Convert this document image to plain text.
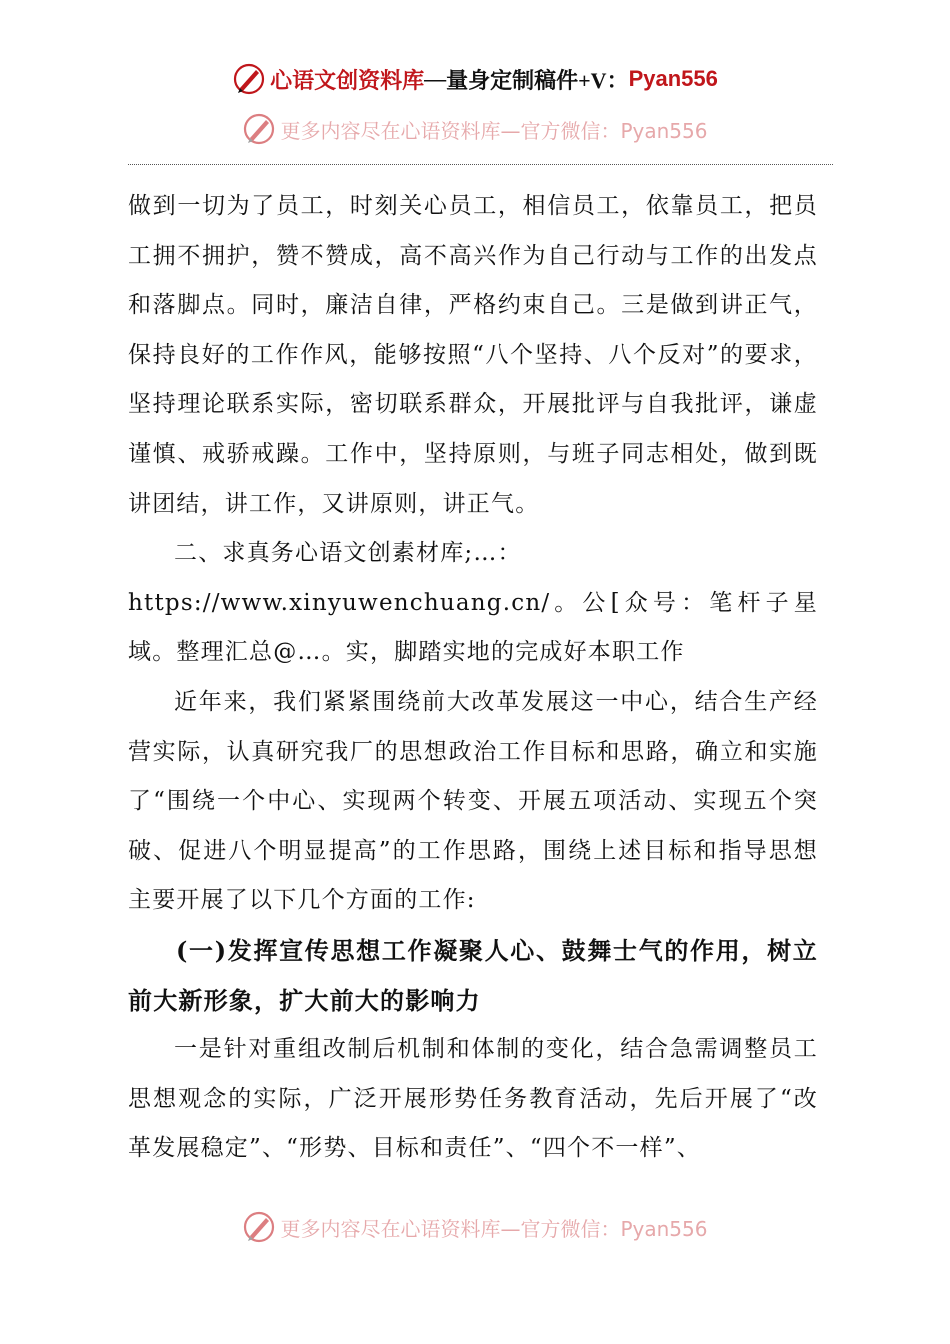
心语文创资料库 — 量身定制稿件 +V： Pyan556
更多内容尽在心语资料库—官方微信：Pyan556

做到一切为了员工，时刻关心员工，相信员工，依靠员工，把员工拥不拥护，赞不赞成，高不高兴作为自己行动与工作的出发点和落脚点。同时，廉洁自律，严格约束自己。三是做到讲正气，保持良好的工作作风，能够按照“八个坚持、八个反对”的要求，坚持理论联系实际，密切联系群众，开展批评与自我批评，谦虚谨慎、戒骄戒躁。工作中，坚持原则，与班子同志相处，做到既讲团结，讲工作，又讲原则，讲正气。

二、求真务心语文创素材库;…：

https://www.xinyuwenchuang.cn/。公[众号：笔杆子星域。整理汇总@…。实，脚踏实地的完成好本职工作

近年来，我们紧紧围绕前大改革发展这一中心，结合生产经营实际，认真研究我厂的思想政治工作目标和思路，确立和实施了“围绕一个中心、实现两个转变、开展五项活动、实现五个突破、促进八个明显提高”的工作思路，围绕上述目标和指导思想主要开展了以下几个方面的工作:

(一)发挥宣传思想工作凝聚人心、鼓舞士气的作用，树立前大新形象，扩大前大的影响力

一是针对重组改制后机制和体制的变化，结合急需调整员工思想观念的实际，广泛开展形势任务教育活动，先后开展了“改革发展稳定”、“形势、目标和责任”、“四个不一样”、

更多内容尽在心语资料库—官方微信：Pyan556
